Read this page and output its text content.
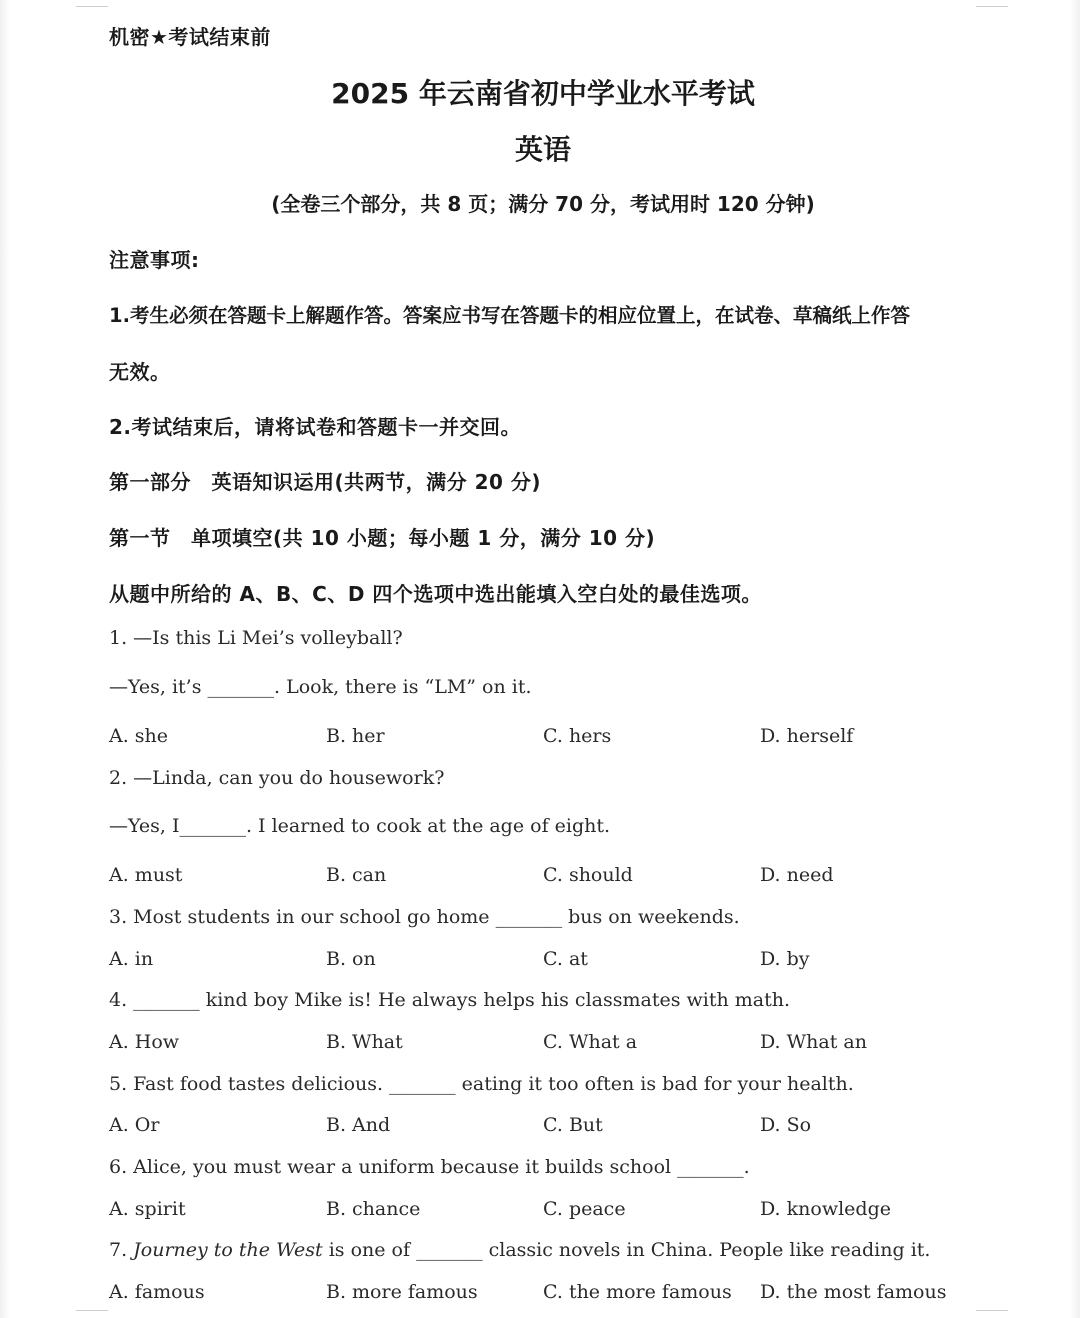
机密★考试结束前
2025 年云南省初中学业水平考试
英语
(全卷三个部分，共 8 页；满分 70 分，考试用时 120 分钟)
注意事项:
1.考生必须在答题卡上解题作答。答案应书写在答题卡的相应位置上，在试卷、草稿纸上作答
无效。
2.考试结束后，请将试卷和答题卡一并交回。
第一部分　英语知识运用(共两节，满分 20 分)
第一节　单项填空(共 10 小题；每小题 1 分，满分 10 分)
从题中所给的 A、B、C、D 四个选项中选出能填入空白处的最佳选项。
1. —Is this Li Mei’s volleyball?
—Yes, it’s _______. Look, there is “LM” on it.
A. she	B. her	C. hers	D. herself
2. —Linda, can you do housework?
—Yes, I_______. I learned to cook at the age of eight.
A. must	B. can	C. should	D. need
3. Most students in our school go home _______ bus on weekends.
A. in	B. on	C. at	D. by
4. _______ kind boy Mike is! He always helps his classmates with math.
A. How	B. What	C. What a	D. What an
5. Fast food tastes delicious. _______ eating it too often is bad for your health.
A. Or	B. And	C. But	D. So
6. Alice, you must wear a uniform because it builds school _______.
A. spirit	B. chance	C. peace	D. knowledge
7. Journey to the West is one of _______ classic novels in China. People like reading it.
A. famous	B. more famous	C. the more famous D. the most famous
